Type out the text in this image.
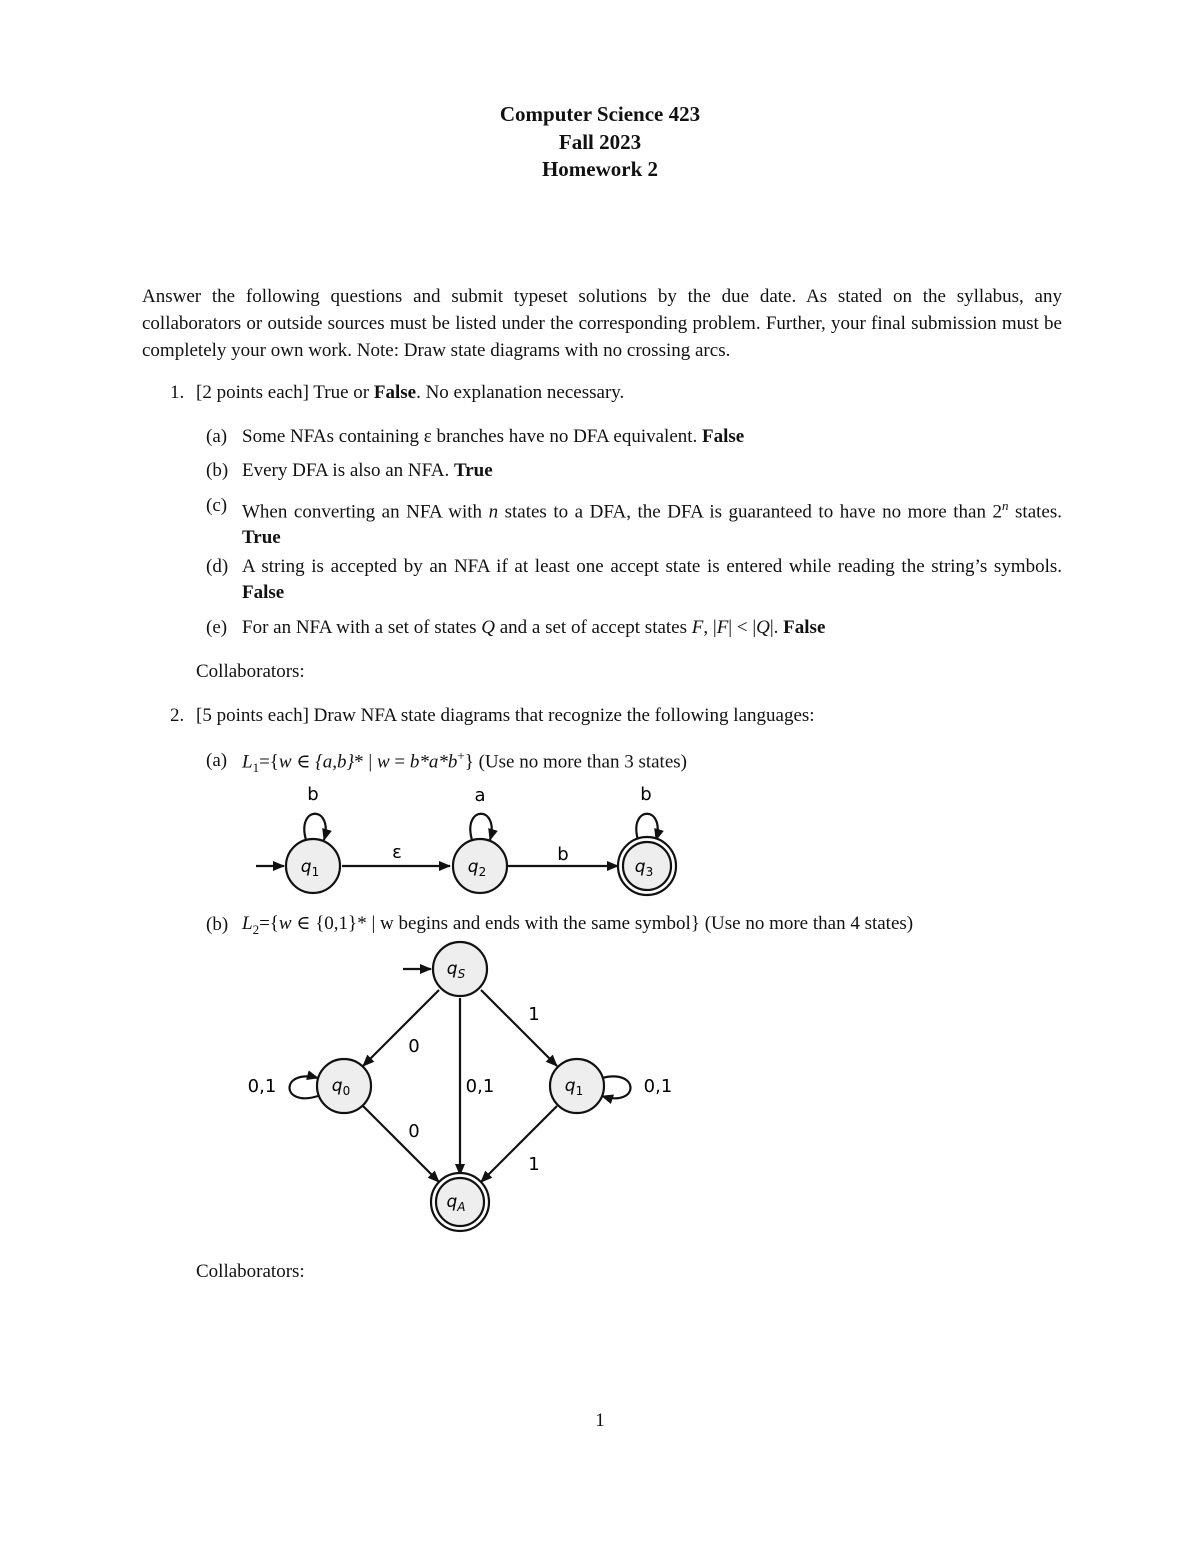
Computer Science 423
Fall 2023
Homework 2
Answer the following questions and submit typeset solutions by the due date. As stated on the syllabus, any collaborators or outside sources must be listed under the corresponding problem. Further, your final submission must be completely your own work. Note: Draw state diagrams with no crossing arcs.
1. [2 points each] True or False. No explanation necessary.
(a) Some NFAs containing ε branches have no DFA equivalent. False
(b) Every DFA is also an NFA. True
(c) When converting an NFA with n states to a DFA, the DFA is guaranteed to have no more than 2$^n$ states. True
(d) A string is accepted by an NFA if at least one accept state is entered while reading the string’s symbols. False
(e) For an NFA with a set of states Q and a set of accept states F, |F| < |Q|. False
Collaborators:
2. [5 points each] Draw NFA state diagrams that recognize the following languages:
(a) $L_1=\{w$ ∈ {a,b}* | w = b*a*b+} (Use no more than 3 states)
(b) $L_2=\{w$ ∈ {0,1}* | w begins and ends with the same symbol} (Use no more than 4 states)
ε	b
b	a	b
$q_1$	$q_2$	$q_3$
0
1
0,1
0
1
0,1	0,1
$q_S$
$q_0$	$q_1$
$q_A$
Collaborators:
1
